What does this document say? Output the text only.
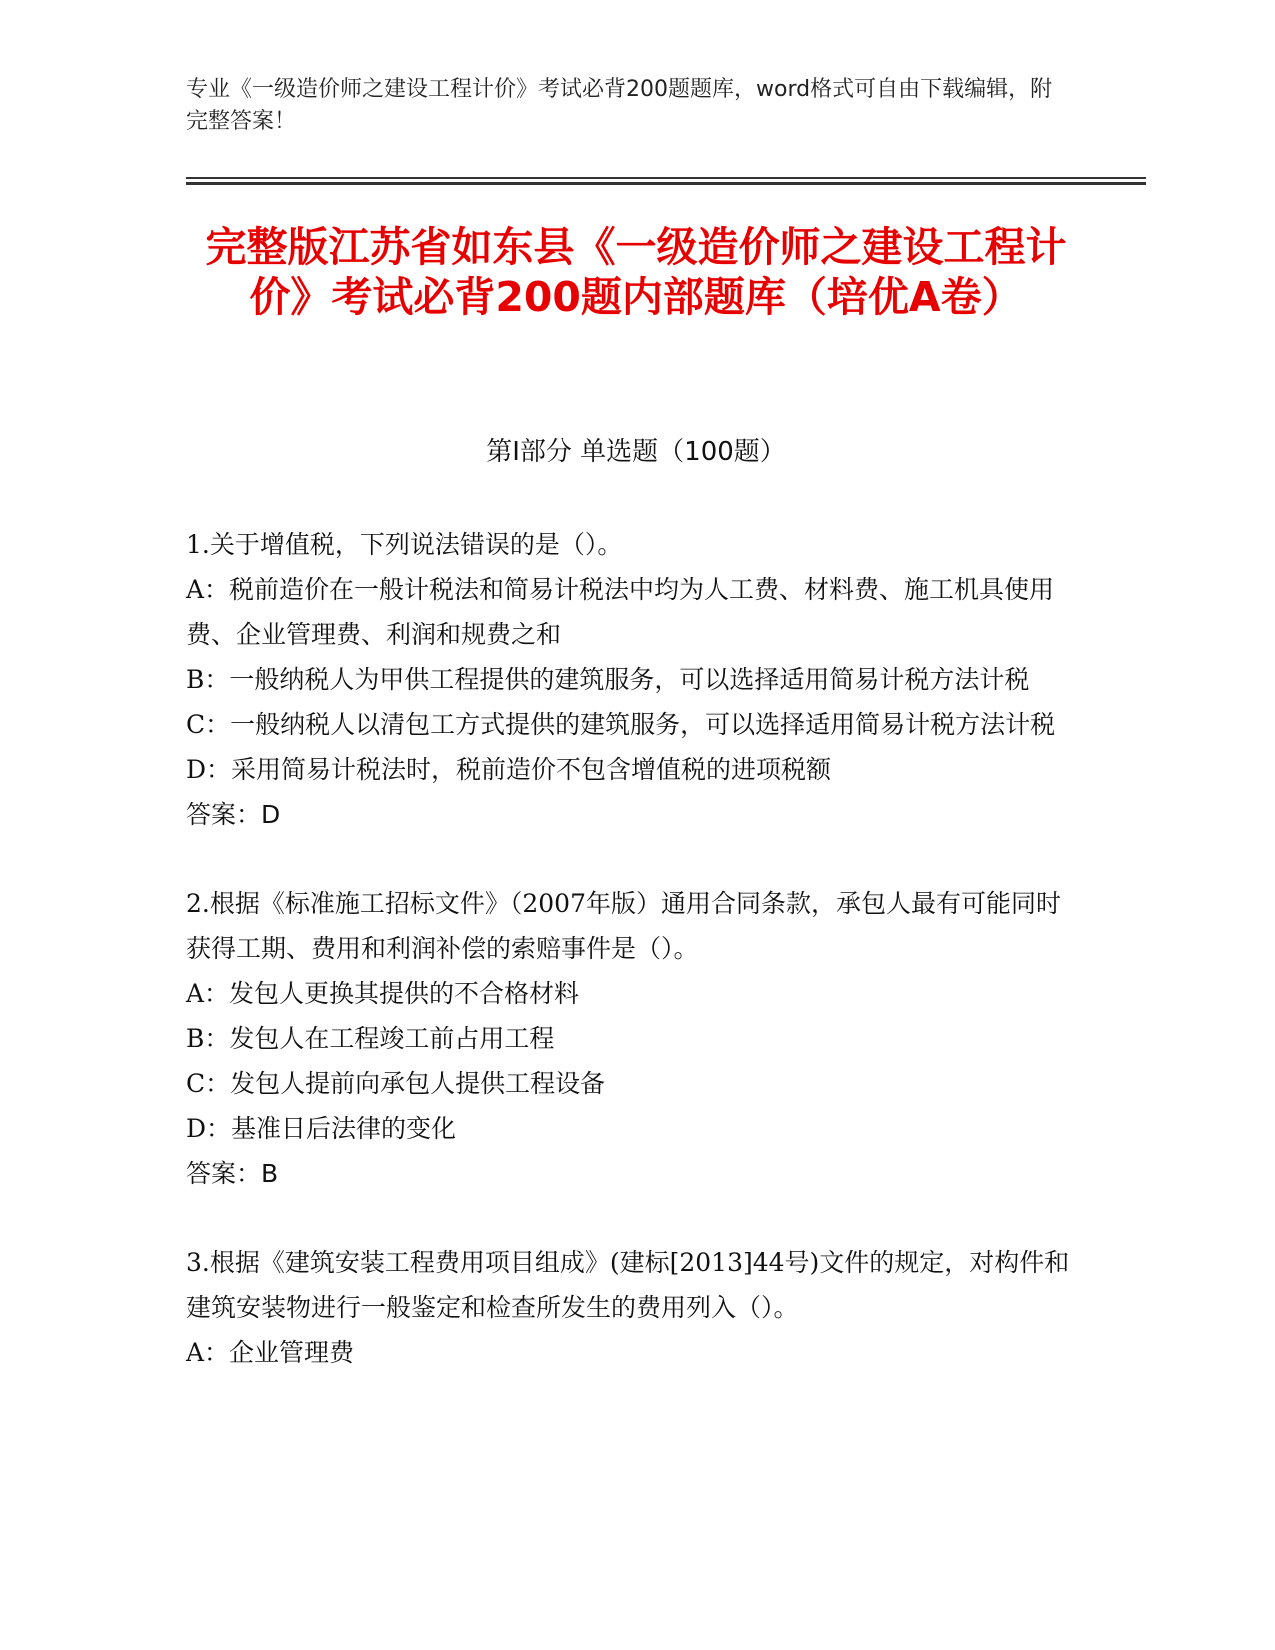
专业《一级造价师之建设工程计价》考试必背200题题库，word格式可自由下载编辑，附完整答案！
完整版江苏省如东县《一级造价师之建设工程计价》考试必背200题内部题库（培优A卷）
第Ⅰ部分 单选题（100题）

1.关于增值税，下列说法错误的是（）。

A：税前造价在一般计税法和简易计税法中均为人工费、材料费、施工机具使用费、企业管理费、利润和规费之和

B：一般纳税人为甲供工程提供的建筑服务，可以选择适用简易计税方法计税

C：一般纳税人以清包工方式提供的建筑服务，可以选择适用简易计税方法计税

D：采用简易计税法时，税前造价不包含增值税的进项税额

答案：D

2.根据《标准施工招标文件》（2007年版）通用合同条款，承包人最有可能同时获得工期、费用和利润补偿的索赔事件是（）。

A：发包人更换其提供的不合格材料

B：发包人在工程竣工前占用工程

C：发包人提前向承包人提供工程设备

D：基准日后法律的变化

答案：B

3.根据《建筑安装工程费用项目组成》(建标[2013]44号)文件的规定，对构件和建筑安装物进行一般鉴定和检查所发生的费用列入（）。

A：企业管理费
